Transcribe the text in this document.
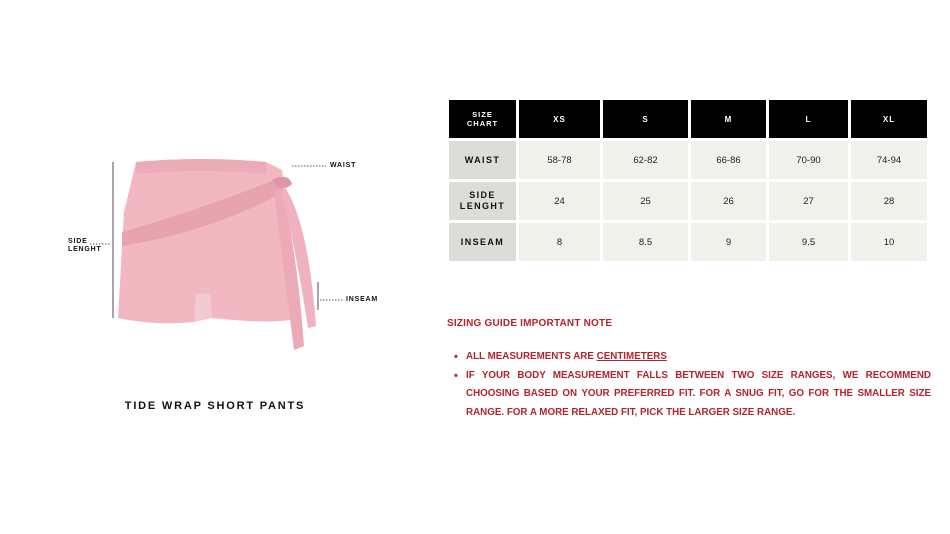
WAIST
SIDE
LENGHT
INSEAM
TIDE WRAP SHORT PANTS
SIZE
CHART	XS	S	M	L	XL

WAIST	58-78	62-82	66-86	70-90	74-94

SIDE
LENGHT	24	25	26	27	28

INSEAM	8	8.5	9	9.5	10
SIZING GUIDE IMPORTANT NOTE
• ALL MEASUREMENTS ARE CENTIMETERS
• IF YOUR BODY MEASUREMENT FALLS BETWEEN TWO SIZE RANGES, WE RECOMMEND CHOOSING BASED ON YOUR PREFERRED FIT. FOR A SNUG FIT, GO FOR THE SMALLER SIZE RANGE. FOR A MORE RELAXED FIT, PICK THE LARGER SIZE RANGE.
